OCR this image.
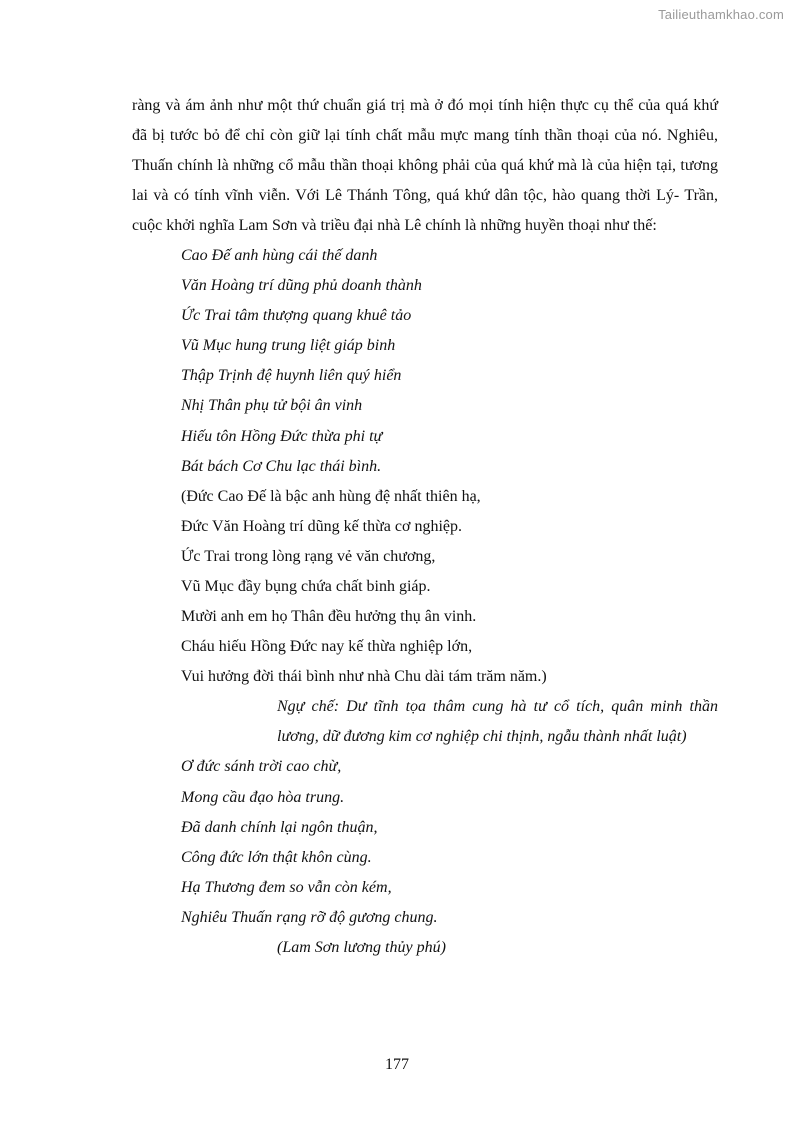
Tailieuthamkhao.com

ràng và ám ảnh như một thứ chuẩn giá trị mà ở đó mọi tính hiện thực cụ thể của quá khứ đã bị tước bỏ để chỉ còn giữ lại tính chất mẫu mực mang tính thần thoại của nó. Nghiêu, Thuấn chính là những cổ mẫu thần thoại không phải của quá khứ mà là của hiện tại, tương lai và có tính vĩnh viễn. Với Lê Thánh Tông, quá khứ dân tộc, hào quang thời Lý- Trần, cuộc khởi nghĩa Lam Sơn và triều đại nhà Lê chính là những huyền thoại như thế:

Cao Đế anh hùng cái thế danh
Văn Hoàng trí dũng phủ doanh thành
Ức Trai tâm thượng quang khuê tảo
Vũ Mục hung trung liệt giáp binh
Thập Trịnh đệ huynh liên quý hiển
Nhị Thân phụ tử bội ân vinh
Hiếu tôn Hồng Đức thừa phi tự
Bát bách Cơ Chu lạc thái bình.
(Đức Cao Đế là bậc anh hùng đệ nhất thiên hạ,
Đức Văn Hoàng trí dũng kế thừa cơ nghiệp.
Ức Trai trong lòng rạng vẻ văn chương,
Vũ Mục đầy bụng chứa chất binh giáp.
Mười anh em họ Thân đều hưởng thụ ân vinh.
Cháu hiếu Hồng Đức nay kế thừa nghiệp lớn,
Vui hưởng đời thái bình như nhà Chu dài tám trăm năm.)

Ngự chế: Dư tĩnh tọa thâm cung hà tư cổ tích, quân minh thần lương, dữ đương kim cơ nghiệp chi thịnh, ngẫu thành nhất luật)

Ơ đức sánh trời cao chừ,
Mong cầu đạo hòa trung.
Đã danh chính lại ngôn thuận,
Công đức lớn thật khôn cùng.
Hạ Thương đem so vẫn còn kém,
Nghiêu Thuấn rạng rỡ độ gương chung.

(Lam Sơn lương thủy phú)

177
